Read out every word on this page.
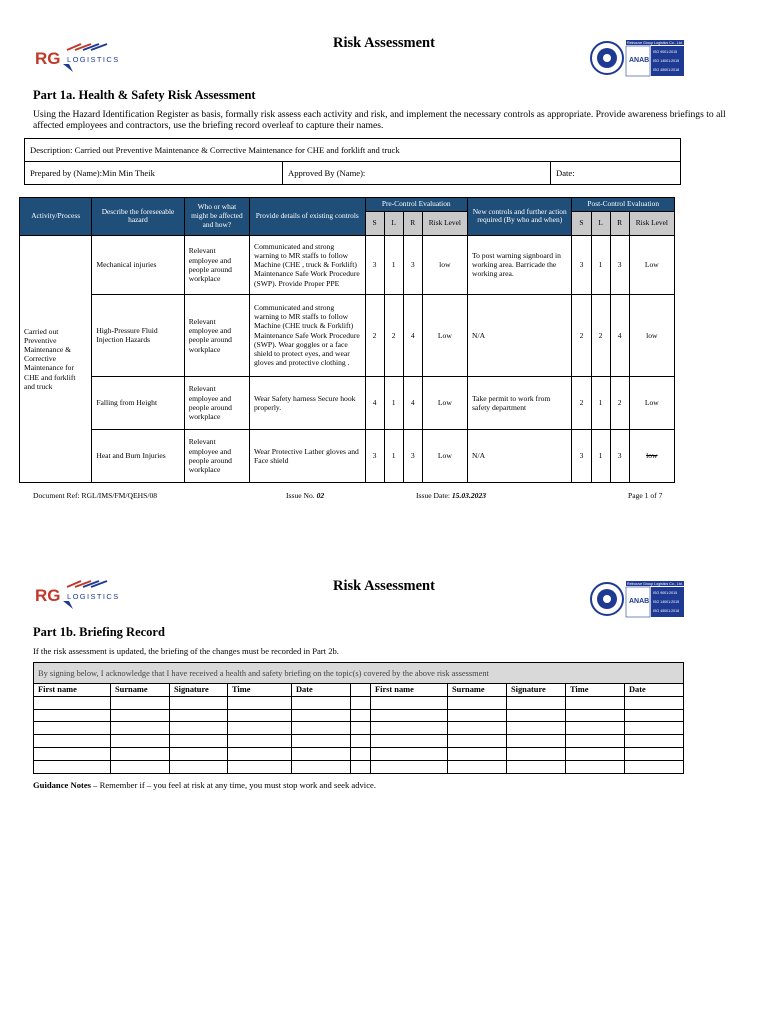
RG LOGISTICS
Risk Assessment	Relnouve Group Logistics Co., Ltd.
ANAB
ISO 9001:2015
ISO 14001:2015
ISO 45001:2018
Part 1a. Health & Safety Risk Assessment
Using the Hazard Identification Register as basis, formally risk assess each activity and risk, and implement the necessary controls as appropriate. Provide awareness briefings to all affected employees and contractors, use the briefing record overleaf to capture their names.
Description: Carried out Preventive Maintenance & Corrective Maintenance for CHE and forklift and truck
Prepared by (Name):Min Min Theik	Approved By (Name):	Date:
Activity/Process	Describe the foreseeable hazard	Who or what might be affected and how?	Provide details of existing controls	Pre-Control Evaluation				New controls and further action required (By who and when)	Post-Control Evaluation			
				S	L	R	Risk Level		S	L	R	Risk Level
Carried out Preventive Maintenance & Corrective Maintenance for CHE and forklift and truck	Mechanical injuries	Relevant employee and people around workplace	Communicated and strong warning to MR staffs to follow Machine (CHE , truck & Forklift) Maintenance Safe Work Procedure (SWP). Provide Proper PPE	3	1	3	low	To post warning signboard in working area. Barricade the working area.	3	1	3	Low
	High-Pressure Fluid Injection Hazards	Relevant employee and people around workplace	Communicated and strong warning to MR staffs to follow Machine (CHE truck & Forklift) Maintenance Safe Work Procedure (SWP). Wear goggles or a face shield to protect eyes, and wear gloves and protective clothing .	2	2	4	Low	N/A	2	2	4	low
	Falling from Height	Relevant employee and people around workplace	Wear Safety harness Secure hook properly.	4	1	4	Low	Take permit to work from safety department	2	1	2	Low
	Heat and Burn Injuries	Relevant employee and people around workplace	Wear Protective Lather gloves and Face shield	3	1	3	Low	N/A	3	1	3	low
Document Ref: RGL/IMS/FM/QEHS/08	Issue No. 02	Issue Date: 15.03.2023	Page 1 of 7
RG LOGISTICS
Risk Assessment	Relnouve Group Logistics Co., Ltd.
ANAB
ISO 9001:2015
ISO 14001:2015
ISO 45001:2018
Part 1b. Briefing Record
If the risk assessment is updated, the briefing of the changes must be recorded in Part 2b.
By signing below, I acknowledge that I have received a health and safety briefing on the topic(s) covered by the above risk assessment										
First name	Surname	Signature	Time	Date		First name	Surname	Signature	Time	Date

Guidance Notes – Remember if – you feel at risk at any time, you must stop work and seek advice.
